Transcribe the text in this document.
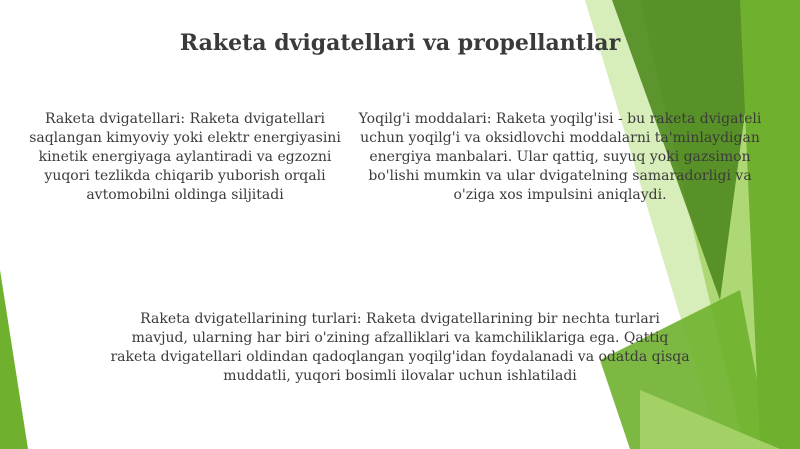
Raketa dvigatellari va propellantlar
Raketa dvigatellari: Raketa dvigatellari saqlangan kimyoviy yoki elektr energiyasini kinetik energiyaga aylantiradi va egzozni yuqori tezlikda chiqarib yuborish orqali avtomobilni oldinga siljitadi
Yoqilg'i moddalari: Raketa yoqilg'isi - bu raketa dvigateli uchun yoqilg'i va oksidlovchi moddalarni ta'minlaydigan energiya manbalari. Ular qattiq, suyuq yoki gazsimon bo'lishi mumkin va ular dvigatelning samaradorligi va o'ziga xos impulsini aniqlaydi.
Raketa dvigatellarining turlari: Raketa dvigatellarining bir nechta turlari mavjud, ularning har biri o'zining afzalliklari va kamchiliklariga ega. Qattiq raketa dvigatellari oldindan qadoqlangan yoqilg'idan foydalanadi va odatda qisqa muddatli, yuqori bosimli ilovalar uchun ishlatiladi
